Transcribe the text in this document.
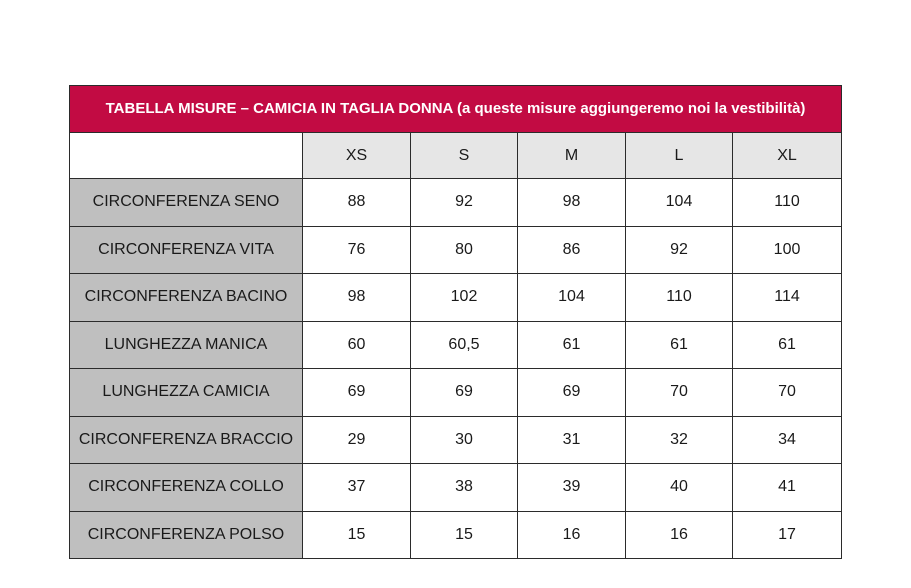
TABELLA MISURE – CAMICIA IN TAGLIA DONNA (a queste misure aggiungeremo noi la vestibilità)					
	XS	S	M	L	XL
CIRCONFERENZA SENO	88	92	98	104	110
CIRCONFERENZA VITA	76	80	86	92	100
CIRCONFERENZA BACINO	98	102	104	110	114
LUNGHEZZA MANICA	60	60,5	61	61	61
LUNGHEZZA CAMICIA	69	69	69	70	70
CIRCONFERENZA BRACCIO	29	30	31	32	34
CIRCONFERENZA COLLO	37	38	39	40	41
CIRCONFERENZA POLSO	15	15	16	16	17
